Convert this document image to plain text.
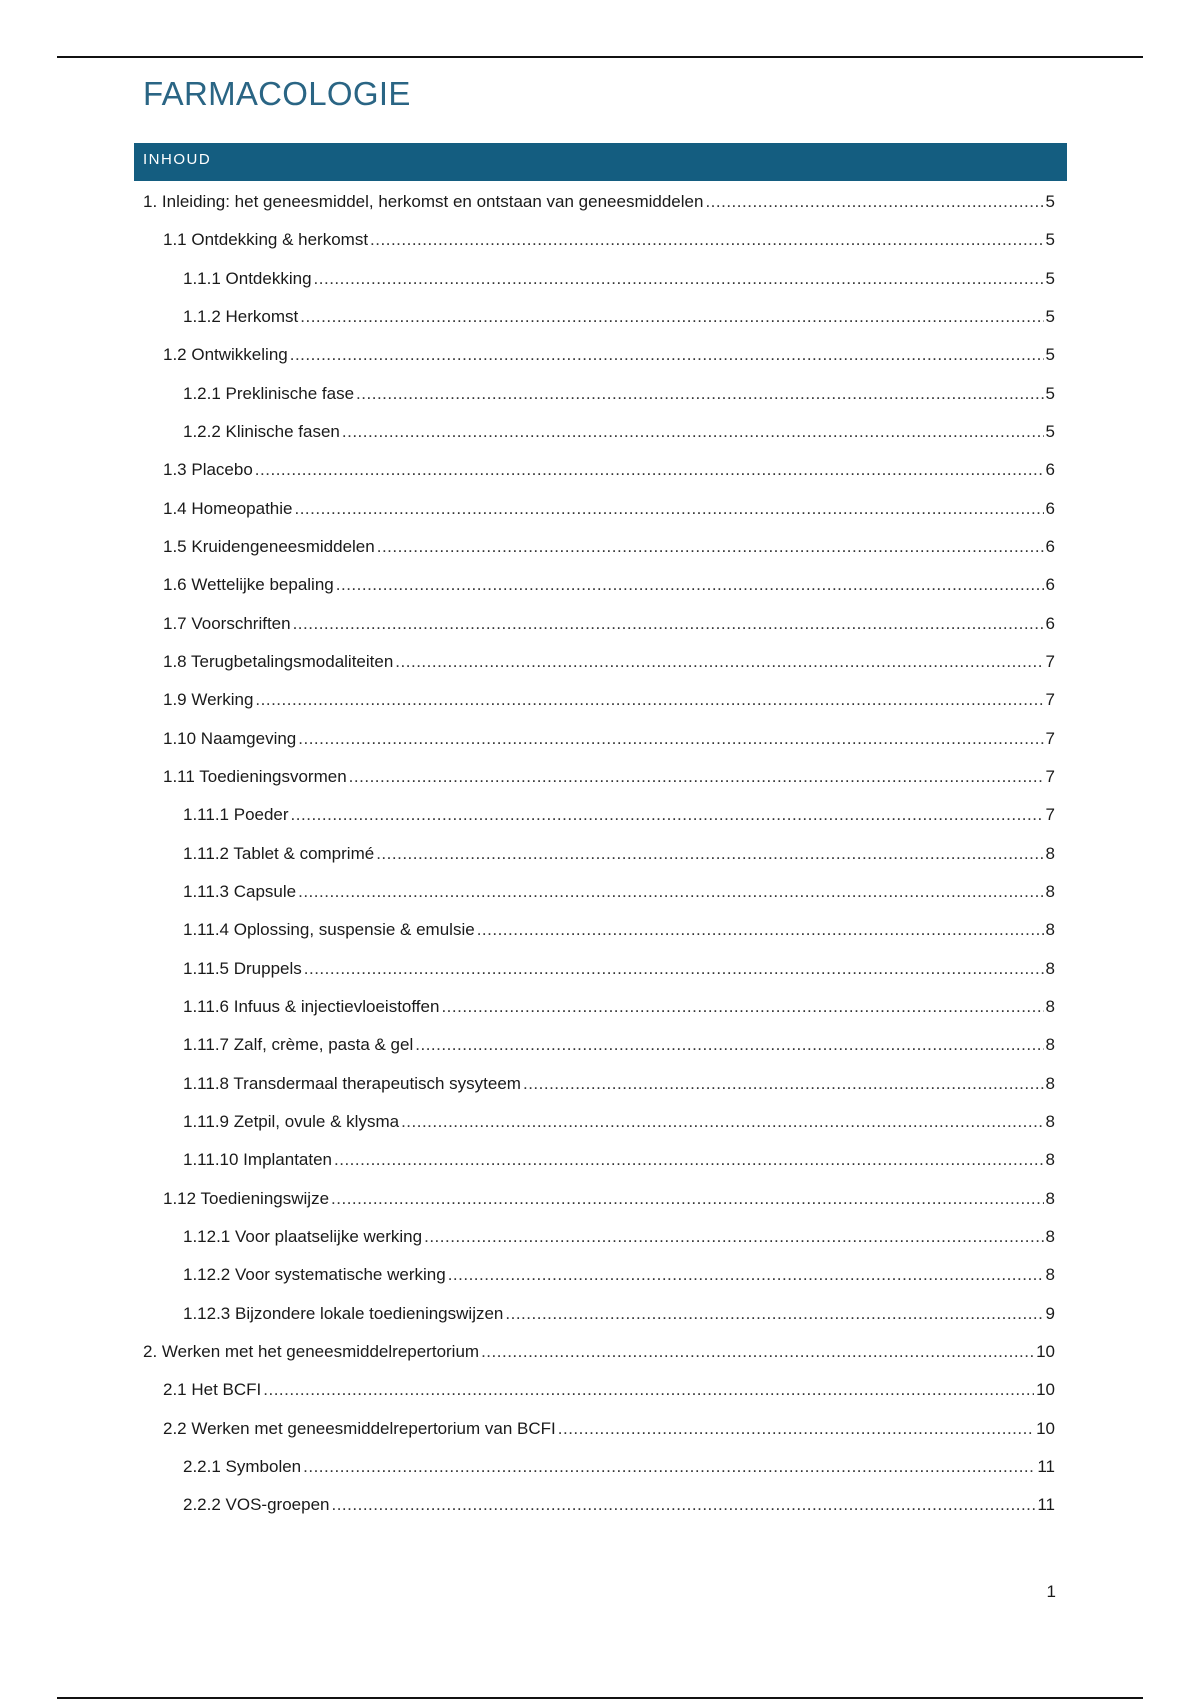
FARMACOLOGIE
INHOUD
1. Inleiding: het geneesmiddel, herkomst en ontstaan van geneesmiddelen .....	5
1.1 Ontdekking & herkomst .....	5
1.1.1 Ontdekking .....	5
1.1.2 Herkomst .....	5
1.2 Ontwikkeling .....	5
1.2.1 Preklinische fase .....	5
1.2.2 Klinische fasen .....	5
1.3 Placebo .....	6
1.4 Homeopathie .....	6
1.5 Kruidengeneesmiddelen .....	6
1.6 Wettelijke bepaling .....	6
1.7 Voorschriften .....	6
1.8 Terugbetalingsmodaliteiten .....	7
1.9 Werking .....	7
1.10 Naamgeving .....	7
1.11 Toedieningsvormen .....	7
1.11.1 Poeder .....	7
1.11.2 Tablet & comprimé .....	8
1.11.3 Capsule .....	8
1.11.4 Oplossing, suspensie & emulsie .....	8
1.11.5 Druppels .....	8
1.11.6 Infuus & injectievloeistoffen .....	8
1.11.7 Zalf, crème, pasta & gel .....	8
1.11.8 Transdermaal therapeutisch sysyteem .....	8
1.11.9 Zetpil, ovule & klysma .....	8
1.11.10 Implantaten .....	8
1.12 Toedieningswijze .....	8
1.12.1 Voor plaatselijke werking .....	8
1.12.2 Voor systematische werking .....	8
1.12.3 Bijzondere lokale toedieningswijzen .....	9
2. Werken met het geneesmiddelrepertorium .....	10
2.1 Het BCFI .....	10
2.2 Werken met geneesmiddelrepertorium van BCFI .....	10
2.2.1 Symbolen .....	11
2.2.2 VOS-groepen .....	11
1
